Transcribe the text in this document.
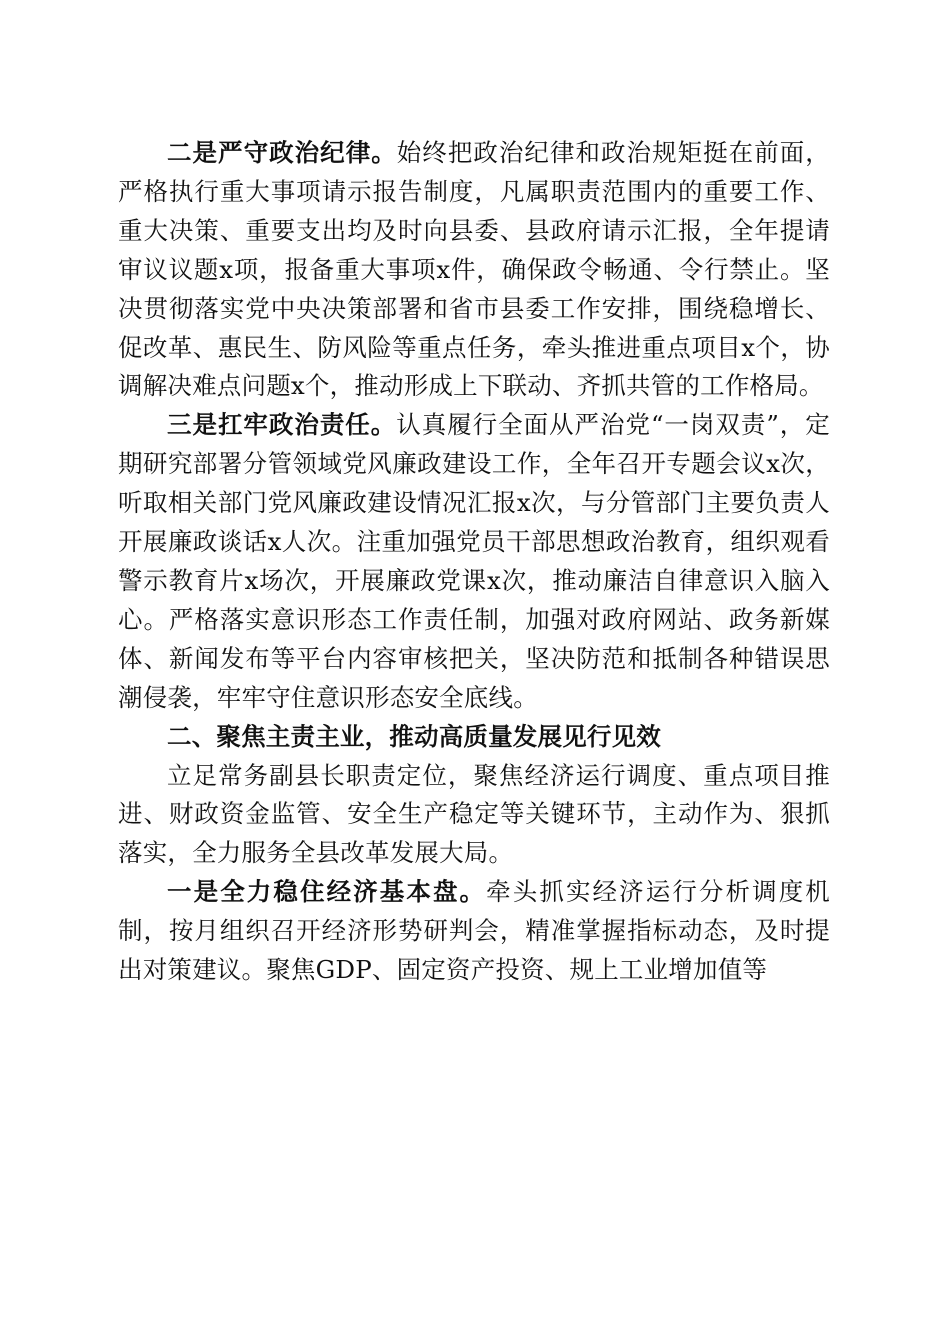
二是严守政治纪律。始终把政治纪律和政治规矩挺在前面，严格执行重大事项请示报告制度，凡属职责范围内的重要工作、重大决策、重要支出均及时向县委、县政府请示汇报，全年提请审议议题x项，报备重大事项x件，确保政令畅通、令行禁止。坚决贯彻落实党中央决策部署和省市县委工作安排，围绕稳增长、促改革、惠民生、防风险等重点任务，牵头推进重点项目x个，协调解决难点问题x个，推动形成上下联动、齐抓共管的工作格局。

三是扛牢政治责任。认真履行全面从严治党“一岗双责”，定期研究部署分管领域党风廉政建设工作，全年召开专题会议x次，听取相关部门党风廉政建设情况汇报x次，与分管部门主要负责人开展廉政谈话x人次。注重加强党员干部思想政治教育，组织观看警示教育片x场次，开展廉政党课x次，推动廉洁自律意识入脑入心。严格落实意识形态工作责任制，加强对政府网站、政务新媒体、新闻发布等平台内容审核把关，坚决防范和抵制各种错误思潮侵袭，牢牢守住意识形态安全底线。

二、聚焦主责主业，推动高质量发展见行见效

立足常务副县长职责定位，聚焦经济运行调度、重点项目推进、财政资金监管、安全生产稳定等关键环节，主动作为、狠抓落实，全力服务全县改革发展大局。

一是全力稳住经济基本盘。牵头抓实经济运行分析调度机制，按月组织召开经济形势研判会，精准掌握指标动态，及时提出对策建议。聚焦GDP、固定资产投资、规上工业增加值等
